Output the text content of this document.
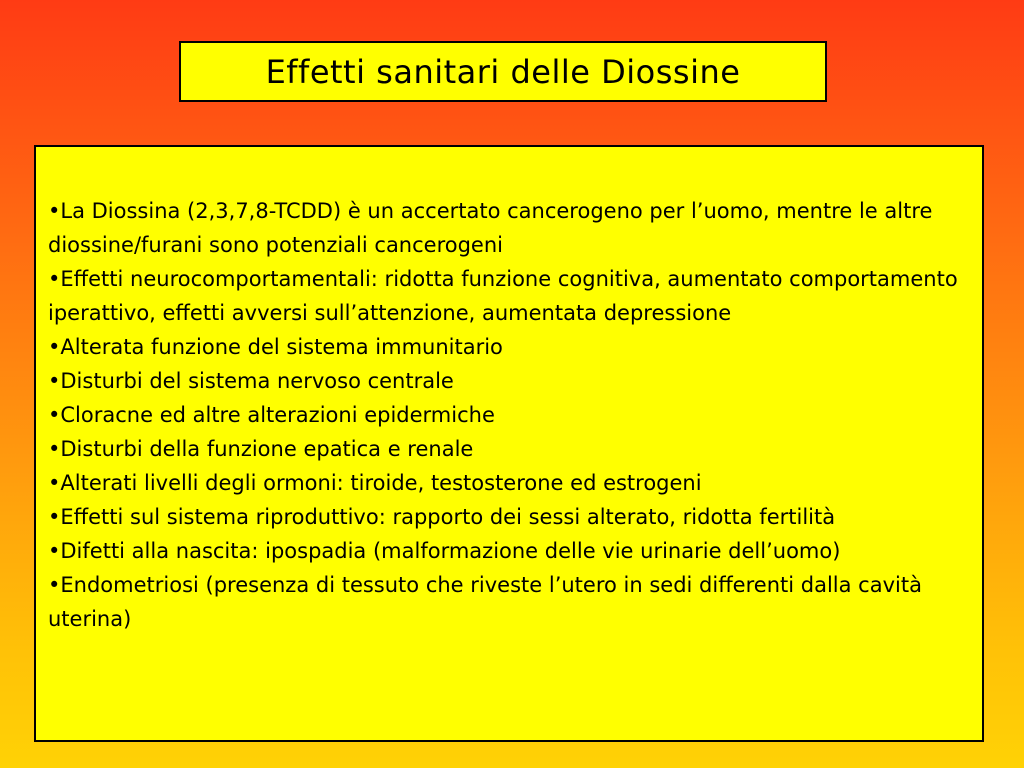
Effetti sanitari delle Diossine
•La Diossina (2,3,7,8-TCDD) è un accertato cancerogeno per l’uomo, mentre le altre diossine/furani sono potenziali cancerogeni
•Effetti neurocomportamentali: ridotta funzione cognitiva, aumentato comportamento iperattivo, effetti avversi sull’attenzione, aumentata depressione
•Alterata funzione del sistema immunitario
•Disturbi del sistema nervoso centrale
•Cloracne ed altre alterazioni epidermiche
•Disturbi della funzione epatica e renale
•Alterati livelli degli ormoni: tiroide, testosterone ed estrogeni
•Effetti sul sistema riproduttivo: rapporto dei sessi alterato, ridotta fertilità
•Difetti alla nascita: ipospadia (malformazione delle vie urinarie dell’uomo)
•Endometriosi (presenza di tessuto che riveste l’utero in sedi differenti dalla cavità uterina)
